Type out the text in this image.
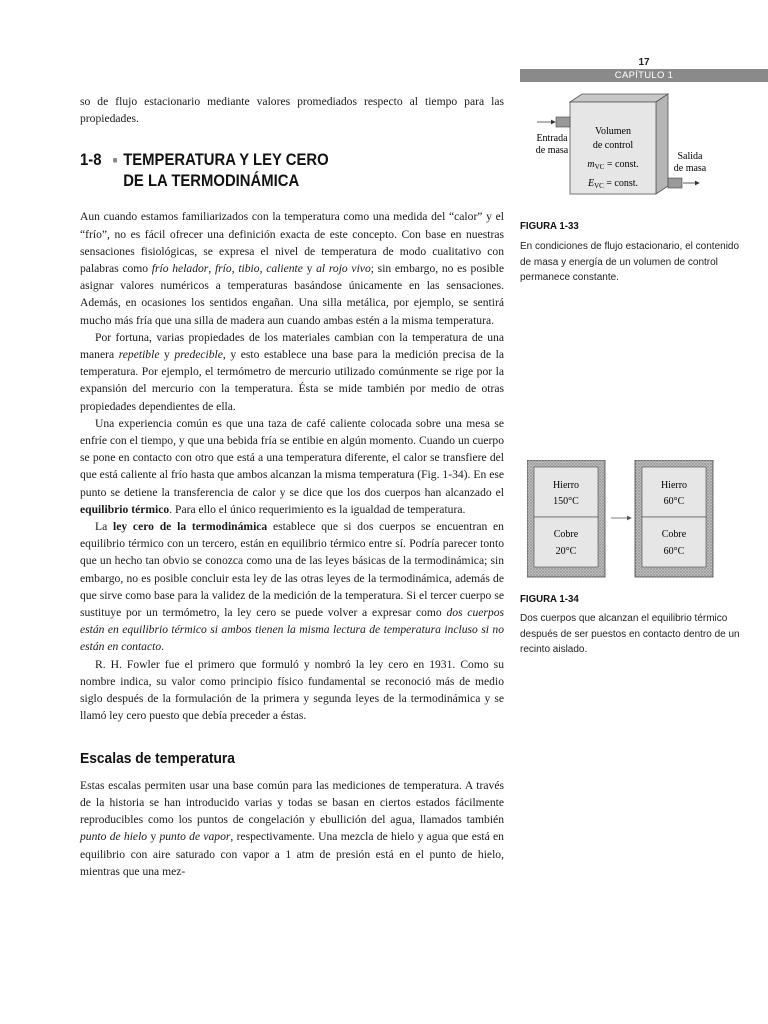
17
CAPÍTULO 1

so de flujo estacionario mediante valores promediados respecto al tiempo para las propiedades.

1-8	■ TEMPERATURA Y LEY CERO
DE LA TERMODINÁMICA

Aun cuando estamos familiarizados con la temperatura como una medida del “calor” y el “frío”, no es fácil ofrecer una definición exacta de este concepto. Con base en nuestras sensaciones fisiológicas, se expresa el nivel de temperatura de modo cualitativo con palabras como frío helador, frío, tibio, caliente y al rojo vivo; sin embargo, no es posible asignar valores numéricos a temperaturas basándose únicamente en las sensaciones. Además, en ocasiones los sentidos engañan. Una silla metálica, por ejemplo, se sentirá mucho más fría que una silla de madera aun cuando ambas estén a la misma temperatura.

Por fortuna, varias propiedades de los materiales cambian con la temperatura de una manera repetible y predecible, y esto establece una base para la medición precisa de la temperatura. Por ejemplo, el termómetro de mercurio utilizado comúnmente se rige por la expansión del mercurio con la temperatura. Ésta se mide también por medio de otras propiedades dependientes de ella.

Una experiencia común es que una taza de café caliente colocada sobre una mesa se enfríe con el tiempo, y que una bebida fría se entibie en algún momento. Cuando un cuerpo se pone en contacto con otro que está a una temperatura diferente, el calor se transfiere del que está caliente al frío hasta que ambos alcanzan la misma temperatura (Fig. 1-34). En ese punto se detiene la transferencia de calor y se dice que los dos cuerpos han alcanzado el equilibrio térmico. Para ello el único requerimiento es la igualdad de temperatura.

La ley cero de la termodinámica establece que si dos cuerpos se encuentran en equilibrio térmico con un tercero, están en equilibrio térmico entre sí. Podría parecer tonto que un hecho tan obvio se conozca como una de las leyes básicas de la termodinámica; sin embargo, no es posible concluir esta ley de las otras leyes de la termodinámica, además de que sirve como base para la validez de la medición de la temperatura. Si el tercer cuerpo se sustituye por un termómetro, la ley cero se puede volver a expresar como dos cuerpos están en equilibrio térmico si ambos tienen la misma lectura de temperatura incluso si no están en contacto.

R. H. Fowler fue el primero que formuló y nombró la ley cero en 1931. Como su nombre indica, su valor como principio físico fundamental se reconoció más de medio siglo después de la formulación de la primera y segunda leyes de la termodinámica y se llamó ley cero puesto que debía preceder a éstas.

Escalas de temperatura

Estas escalas permiten usar una base común para las mediciones de temperatura. A través de la historia se han introducido varias y todas se basan en ciertos estados fácilmente reproducibles como los puntos de congelación y ebullición del agua, llamados también punto de hielo y punto de vapor, respectivamente. Una mezcla de hielo y agua que está en equilibrio con aire saturado con vapor a 1 atm de presión está en el punto de hielo, mientras que una mez-

Entrada
de masa
Volumen
de control
$m_{VC}$ = const.
$E_{VC}$ = const.
Salida
de masa
FIGURA 1-33
En condiciones de flujo estacionario, el contenido de masa y energía de un volumen de control permanece constante.
Hierro
150°C
Cobre
20°C
Hierro
60°C
Cobre
60°C
FIGURA 1-34
Dos cuerpos que alcanzan el equilibrio térmico después de ser puestos en contacto dentro de un recinto aislado.
